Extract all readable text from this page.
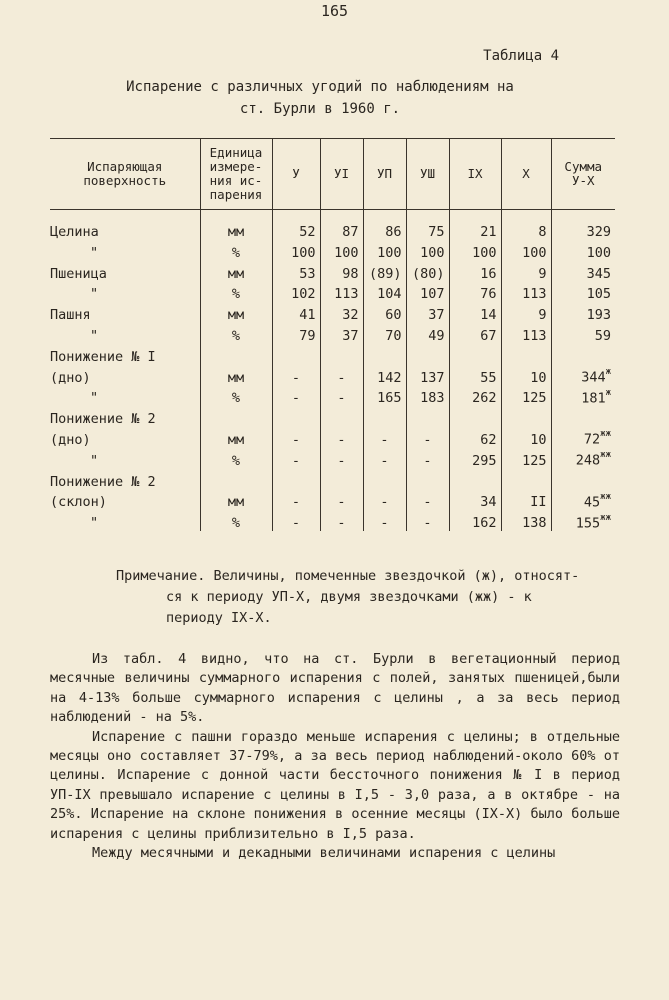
165
Таблица 4
Испарение с различных угодий по наблюдениям на
ст. Бурли в 1960 г.
Испаряющая поверхность	Единица измере-ния ис-парения	У	УI	УП	УШ	IX	X	Сумма У-Х
Целина	мм	52	87	86	75	21	8	329
"	%	100	100	100	100	100	100	100
Пшеница	мм	53	98	(89)	(80)	16	9	345
"	%	102	113	104	107	76	113	105
Пашня	мм	41	32	60	37	14	9	193
"	%	79	37	70	49	67	113	59
Понижение № I								
(дно)	мм	-	-	142	137	55	10	$344^ж$
"	%	-	-	165	183	262	125	$181^ж$
Понижение № 2								
(дно)	мм	-	-	-	-	62	10	$72^{жж}$
"	%	-	-	-	-	295	125	$248^{жж}$
Понижение № 2								
(склон)	мм	-	-	-	-	34	II	$45^{жж}$
"	%	-	-	-	-	162	138	$155^{жж}$
Примечание. Величины, помеченные звездочкой (ж), относят-
ся к периоду УП-Х, двумя звездочками (жж) - к
периоду IX-Х.

Из табл. 4 видно, что на ст. Бурли в вегетационный период месячные величины суммарного испарения с полей, занятых пшеницей,были на 4-13% больше суммарного испарения с целины , а за весь период наблюдений - на 5%.

Испарение с пашни гораздо меньше испарения с целины; в отдельные месяцы оно составляет 37-79%, а за весь период наблюдений-около 60% от целины. Испарение с донной части бессточного понижения № I в период УП-IX превышало испарение с целины в I,5 - 3,0 раза, а в октябре - на 25%. Испарение на склоне понижения в осенние месяцы (IX-Х) было больше испарения с целины приблизительно в I,5 раза.

Между месячными и декадными величинами испарения с целины
